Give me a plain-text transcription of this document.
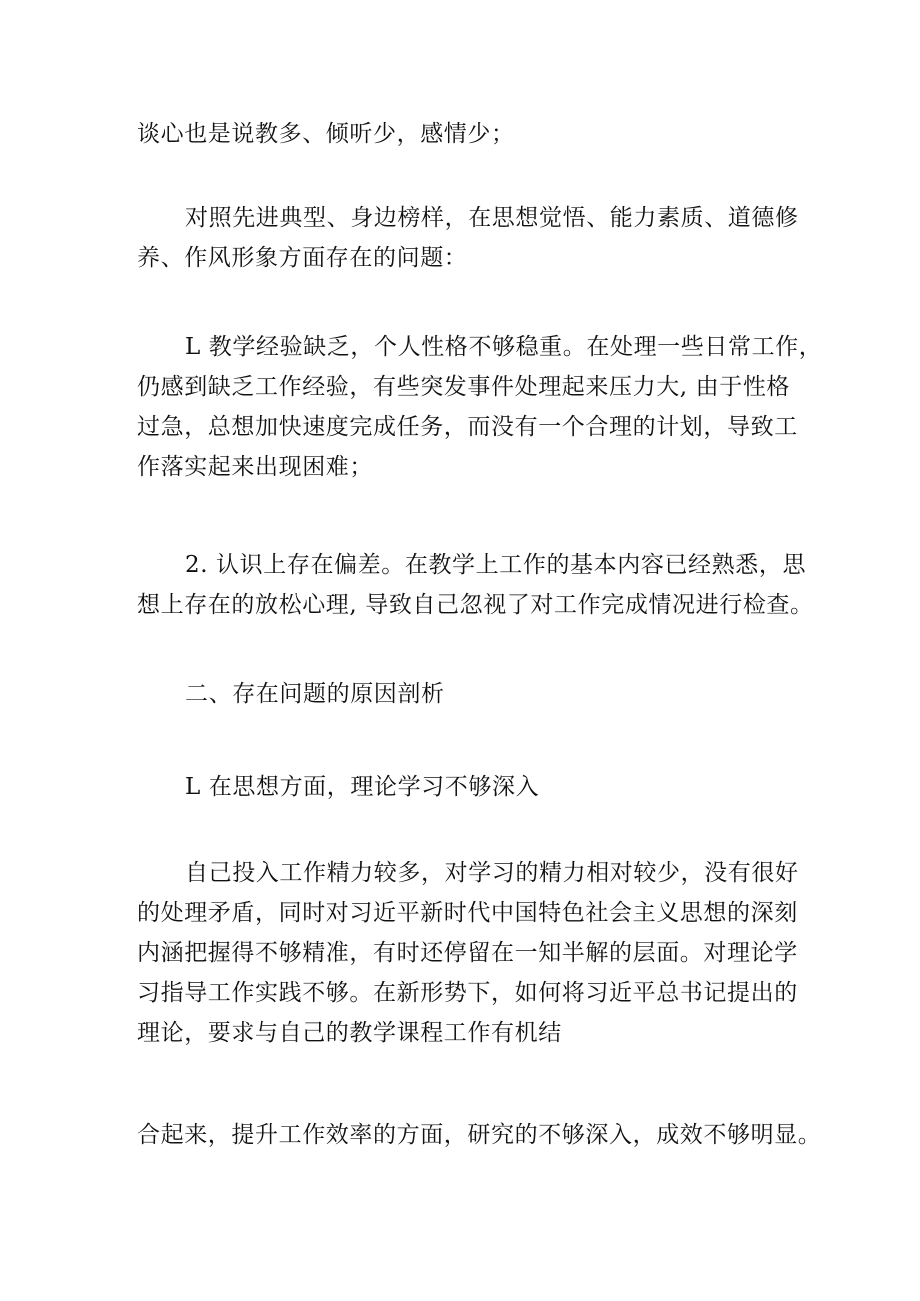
谈心也是说教多、倾听少，感情少；

对照先进典型、身边榜样，在思想觉悟、能力素质、道德修
养、作风形象方面存在的问题：

L 教学经验缺乏，个人性格不够稳重。在处理一些日常工作，
仍感到缺乏工作经验，有些突发事件处理起来压力大, 由于性格
过急，总想加快速度完成任务，而没有一个合理的计划，导致工
作落实起来出现困难；

2. 认识上存在偏差。在教学上工作的基本内容已经熟悉，思
想上存在的放松心理, 导致自己忽视了对工作完成情况进行检查。

二、存在问题的原因剖析

L 在思想方面，理论学习不够深入

自己投入工作精力较多，对学习的精力相对较少，没有很好
的处理矛盾，同时对习近平新时代中国特色社会主义思想的深刻
内涵把握得不够精准，有时还停留在一知半解的层面。对理论学
习指导工作实践不够。在新形势下，如何将习近平总书记提出的
理论，要求与自己的教学课程工作有机结

合起来，提升工作效率的方面，研究的不够深入，成效不够明显。
